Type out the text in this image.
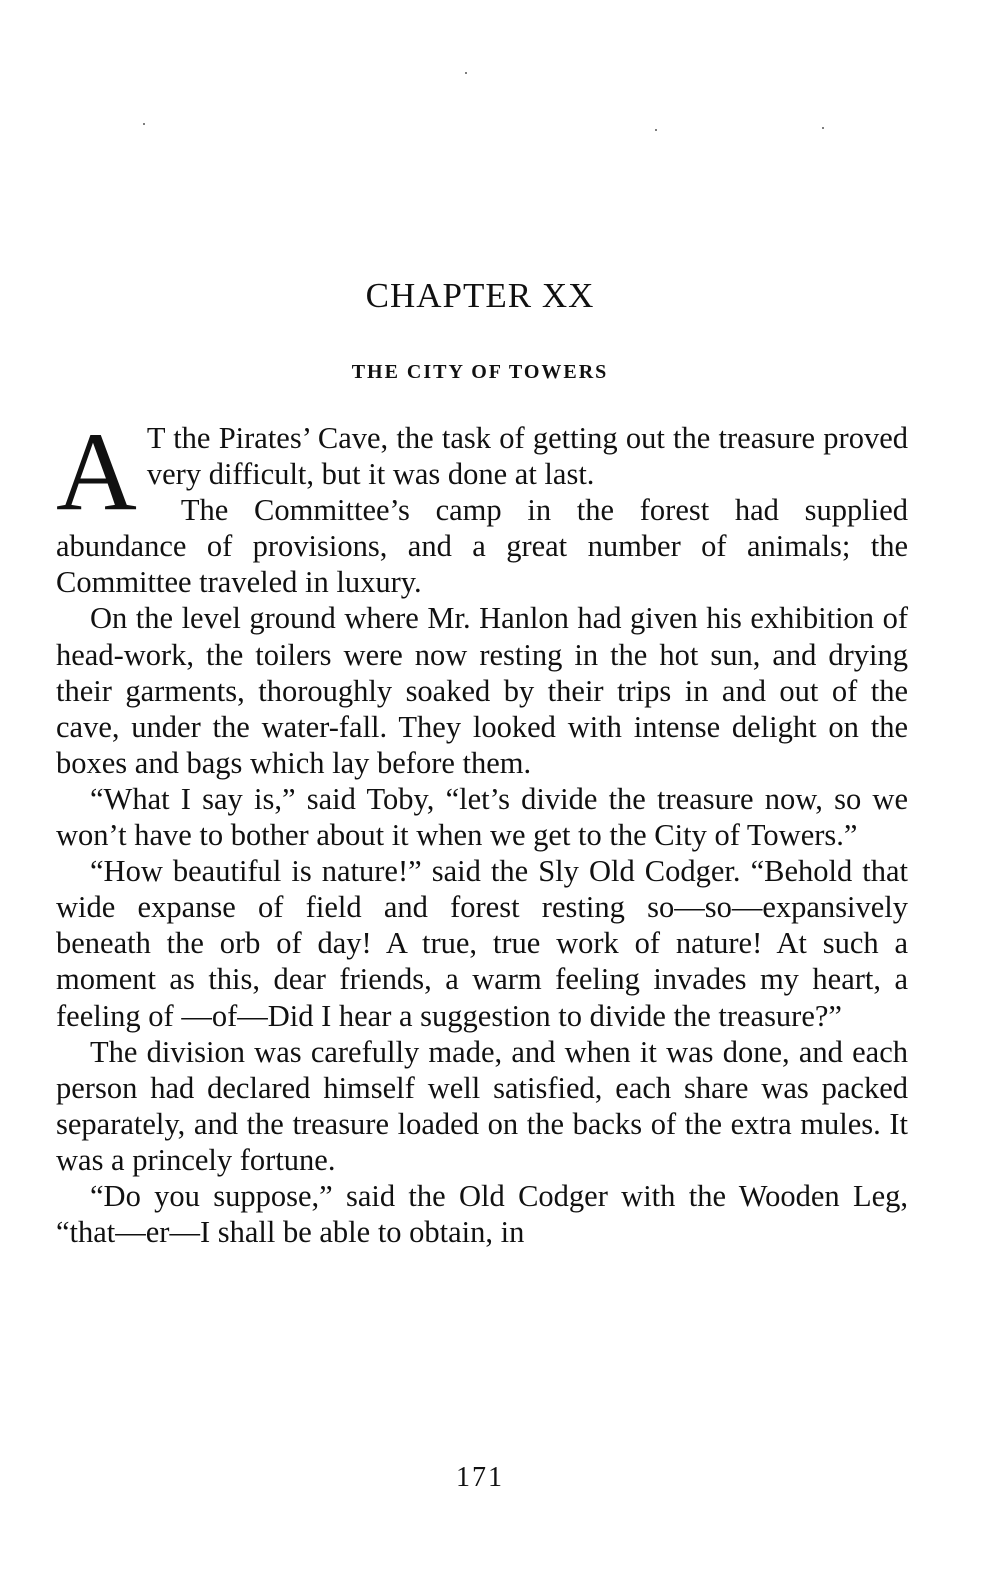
CHAPTER XX
THE CITY OF TOWERS

A T the Pirates’ Cave, the task of getting out the treasure proved very difficult, but it was done at last.

The Committee’s camp in the forest had supplied abundance of provisions, and a great number of animals; the Committee traveled in luxury.

On the level ground where Mr. Hanlon had given his exhibition of head-work, the toilers were now resting in the hot sun, and drying their garments, thoroughly soaked by their trips in and out of the cave, under the water-fall. They looked with intense delight on the boxes and bags which lay before them.

“What I say is,” said Toby, “let’s divide the treasure now, so we won’t have to bother about it when we get to the City of Towers.”

“How beautiful is nature!” said the Sly Old Codger. “Behold that wide expanse of field and forest resting so—so—expansively beneath the orb of day! A true, true work of nature! At such a moment as this, dear friends, a warm feeling invades my heart, a feeling of —of—Did I hear a suggestion to divide the treasure?”

The division was carefully made, and when it was done, and each person had declared himself well satisfied, each share was packed separately, and the treasure loaded on the backs of the extra mules. It was a princely fortune.

“Do you suppose,” said the Old Codger with the Wooden Leg, “that—er—I shall be able to obtain, in

171
